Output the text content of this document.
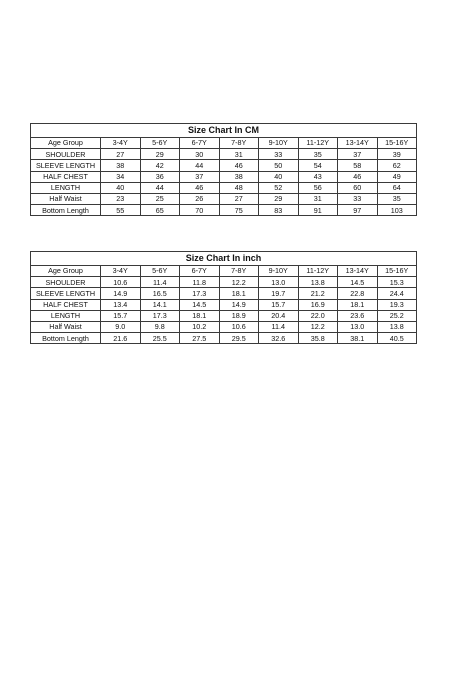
Size Chart In CM								
Age Group	3-4Y	5-6Y	6-7Y	7-8Y	9-10Y	11-12Y	13-14Y	15-16Y
SHOULDER	27	29	30	31	33	35	37	39
SLEEVE LENGTH	38	42	44	46	50	54	58	62
HALF CHEST	34	36	37	38	40	43	46	49
LENGTH	40	44	46	48	52	56	60	64
Half Waist	23	25	26	27	29	31	33	35
Bottom Length	55	65	70	75	83	91	97	103
Size Chart In inch								
Age Group	3-4Y	5-6Y	6-7Y	7-8Y	9-10Y	11-12Y	13-14Y	15-16Y
SHOULDER	10.6	11.4	11.8	12.2	13.0	13.8	14.5	15.3
SLEEVE LENGTH	14.9	16.5	17.3	18.1	19.7	21.2	22.8	24.4
HALF CHEST	13.4	14.1	14.5	14.9	15.7	16.9	18.1	19.3
LENGTH	15.7	17.3	18.1	18.9	20.4	22.0	23.6	25.2
Half Waist	9.0	9.8	10.2	10.6	11.4	12.2	13.0	13.8
Bottom Length	21.6	25.5	27.5	29.5	32.6	35.8	38.1	40.5
